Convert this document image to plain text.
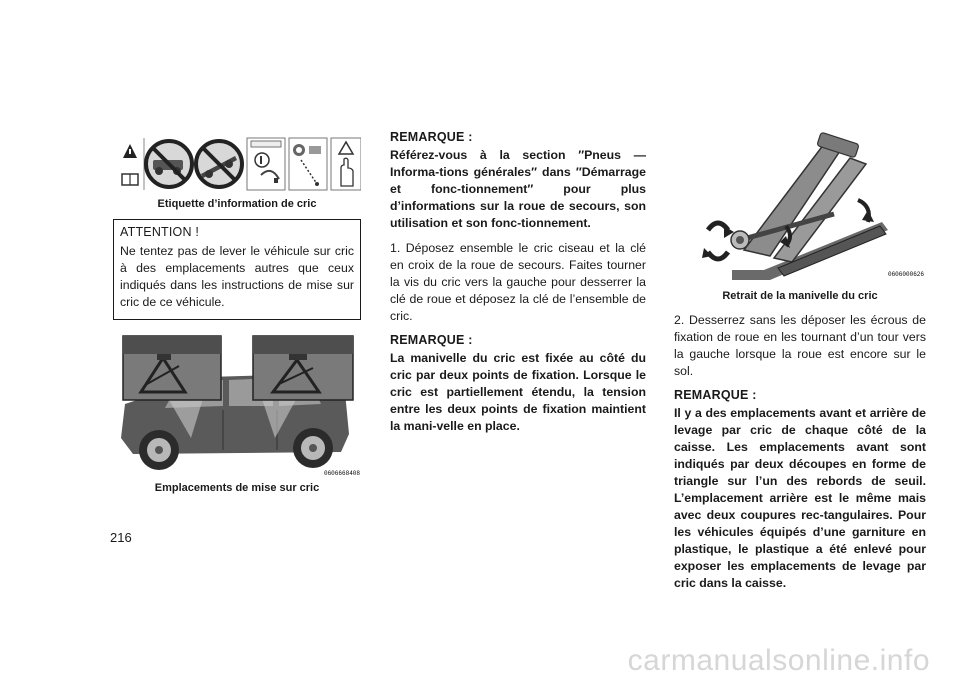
Etiquette d’information de cric
ATTENTION !

Ne tentez pas de lever le véhicule sur cric à des emplacements autres que ceux indiqués dans les instructions de mise sur cric de ce véhicule.

0606668408
Emplacements de mise sur cric
REMARQUE :
Référez-vous à la section ″Pneus — Informa-tions générales″ dans ″Démarrage et fonc-tionnement″ pour plus d’informations sur la roue de secours, son utilisation et son fonc-tionnement.
1. Déposez ensemble le cric ciseau et la clé en croix de la roue de secours. Faites tourner la vis du cric vers la gauche pour desserrer la clé de roue et déposez la clé de l’ensemble de cric.
REMARQUE :
La manivelle du cric est fixée au côté du cric par deux points de fixation. Lorsque le cric est partiellement étendu, la tension entre les deux points de fixation maintient la mani-velle en place.
0606000626
Retrait de la manivelle du cric
2. Desserrez sans les déposer les écrous de fixation de roue en les tournant d’un tour vers la gauche lorsque la roue est encore sur le sol.
REMARQUE :
Il y a des emplacements avant et arrière de levage par cric de chaque côté de la caisse. Les emplacements avant sont indiqués par deux découpes en forme de triangle sur l’un des rebords de seuil. L’emplacement arrière est le même mais avec deux coupures rec-tangulaires. Pour les véhicules équipés d’une garniture en plastique, le plastique a été enlevé pour exposer les emplacements de levage par cric dans la caisse.
216
carmanualsonline.info
